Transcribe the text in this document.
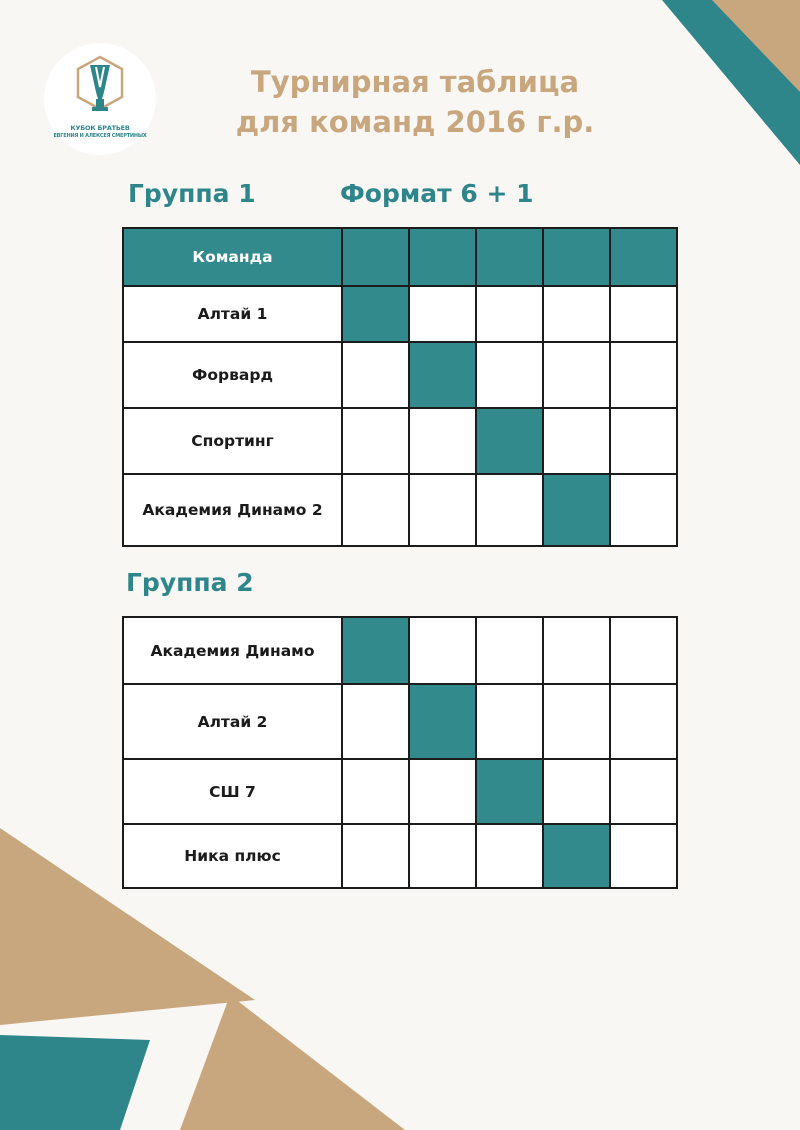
КУБОК БРАТЬЕВ
ЕВГЕНИЯ И АЛЕКСЕЯ СМЕРТИНЫХ
Турнирная таблица
для команд 2016 г.р.
Группа 1	Формат 6 + 1
Команда					
Алтай 1					
Форвард					
Спортинг					
Академия Динамо 2					
Группа 2
Академия Динамо					
Алтай 2					
СШ 7					
Ника плюс					
